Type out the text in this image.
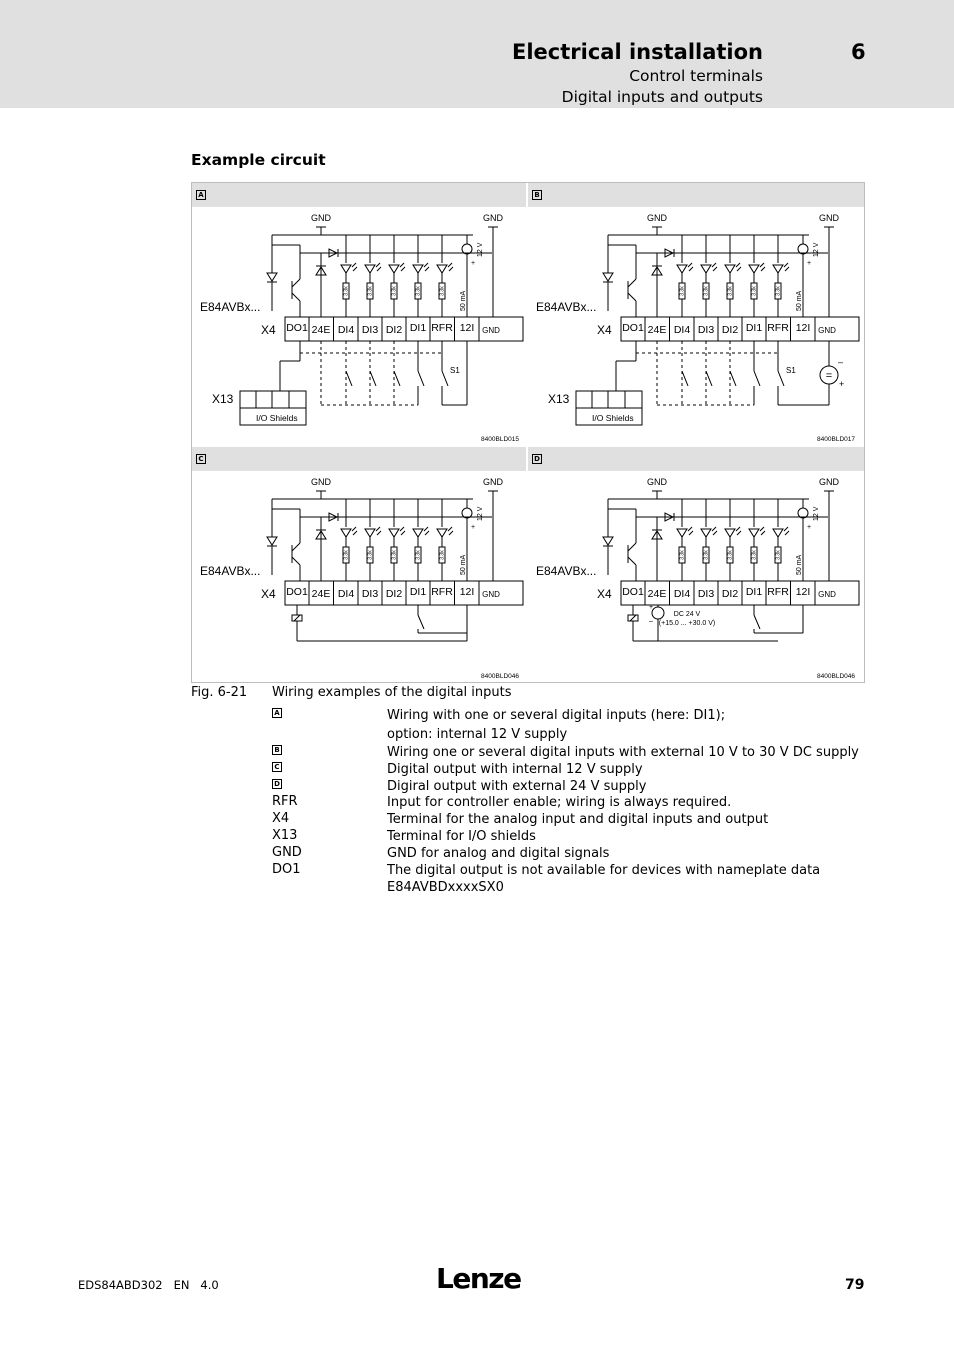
Electrical installation	6
Control terminals
Digital inputs and outputs
Example circuit
A
GND	GND
3.3k	3.3k	3.3k	3.3k	3.3k
12 V
+
50 mA
DO1 24E DI4 DI3 DI2 DI1 RFR 12I GND
X4
E84AVBx...
8400BLD015
X13
I/O Shields
S1
B
GND	GND
3.3k	3.3k	3.3k	3.3k	3.3k
12 V
+
50 mA
DO1 24E DI4 DI3 DI2 DI1 RFR 12I GND
X4
E84AVBx...
8400BLD017
X13
I/O Shields
S1	=
+
–
C
GND	GND
3.3k	3.3k	3.3k	3.3k	3.3k
12 V
+
50 mA
DO1 24E DI4 DI3 DI2 DI1 RFR 12I GND
X4
E84AVBx...
8400BLD046
D
GND	GND
3.3k	3.3k	3.3k	3.3k	3.3k
12 V
+
50 mA
DO1 24E DI4 DI3 DI2 DI1 RFR 12I GND
X4
E84AVBx...
8400BLD046
+
–
DC 24 V
(+15.0 ... +30.0 V)
Fig. 6-21 Wiring examples of the digital inputs
A	Wiring with one or several digital inputs (here: DI1);
option: internal 12 V supply
B	Wiring one or several digital inputs with external 10 V to 30 V DC supply
C	Digital output with internal 12 V supply
D	Digiral output with external 24 V supply
RFR	Input for controller enable; wiring is always required.
X4	Terminal for the analog input and digital inputs and output
X13	Terminal for I/O shields
GND	GND for analog and digital signals
DO1	The digital output is not available for devices with nameplate data
E84AVBDxxxxSX0
EDS84ABD302   EN   4.0	Lenze	79
